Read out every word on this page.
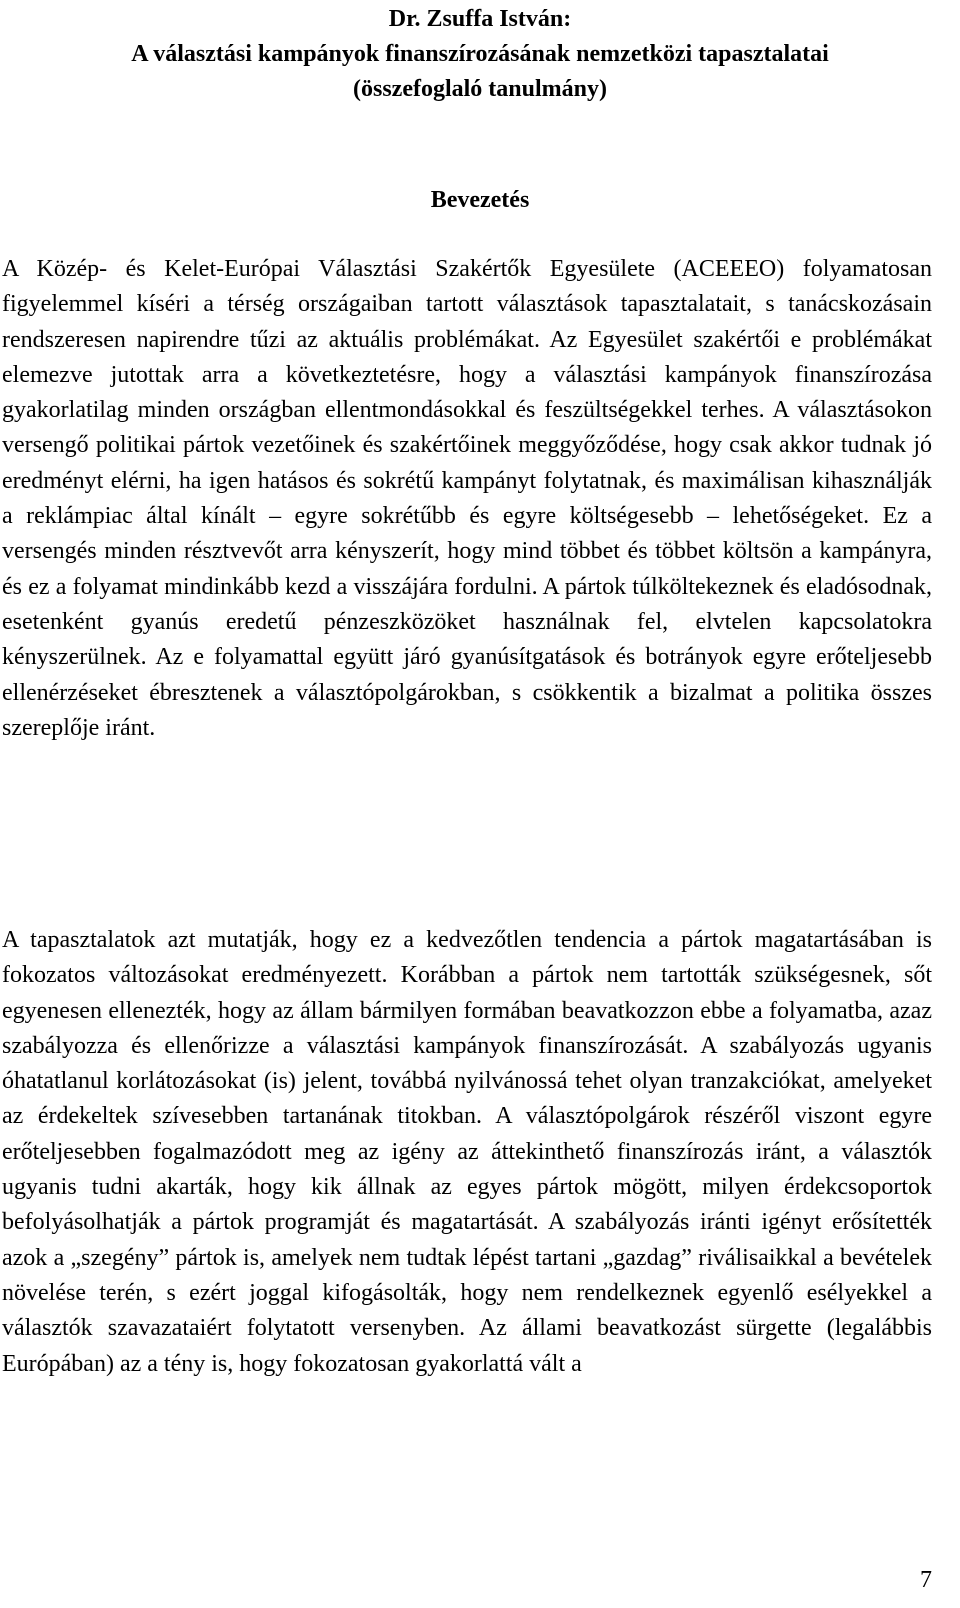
Dr. Zsuffa István:
A választási kampányok finanszírozásának nemzetközi tapasztalatai
(összefoglaló tanulmány)
Bevezetés

A Közép- és Kelet-Európai Választási Szakértők Egyesülete (ACEEEO) folyamatosan figyelemmel kíséri a térség országaiban tartott választások tapasztalatait, s tanácskozásain rendszeresen napirendre tűzi az aktuális problémákat. Az Egyesület szakértői e problémákat elemezve jutottak arra a következtetésre, hogy a választási kampányok finanszírozása gyakorlatilag minden országban ellentmondásokkal és feszültségekkel terhes. A választásokon versengő politikai pártok vezetőinek és szakértőinek meggyőződése, hogy csak akkor tudnak jó eredményt elérni, ha igen hatásos és sokrétű kampányt folytatnak, és maximálisan kihasználják a reklámpiac által kínált – egyre sokrétűbb és egyre költségesebb – lehetőségeket. Ez a versengés minden résztvevőt arra kényszerít, hogy mind többet és többet költsön a kampányra, és ez a folyamat mindinkább kezd a visszájára fordulni. A pártok túlköltekeznek és eladósodnak, esetenként gyanús eredetű pénzeszközöket használnak fel, elvtelen kapcsolatokra kényszerülnek. Az e folyamattal együtt járó gyanúsítgatások és botrányok egyre erőteljesebb ellenérzéseket ébresztenek a választópolgárokban, s csökkentik a bizalmat a politika összes szereplője iránt.

A tapasztalatok azt mutatják, hogy ez a kedvezőtlen tendencia a pártok magatartásában is fokozatos változásokat eredményezett. Korábban a pártok nem tartották szükségesnek, sőt egyenesen ellenezték, hogy az állam bármilyen formában beavatkozzon ebbe a folyamatba, azaz szabályozza és ellenőrizze a választási kampányok finanszírozását. A szabályozás ugyanis óhatatlanul korlátozásokat (is) jelent, továbbá nyilvánossá tehet olyan tranzakciókat, amelyeket az érdekeltek szívesebben tartanának titokban. A választópolgárok részéről viszont egyre erőteljesebben fogalmazódott meg az igény az áttekinthető finanszírozás iránt, a választók ugyanis tudni akarták, hogy kik állnak az egyes pártok mögött, milyen érdekcsoportok befolyásolhatják a pártok programját és magatartását. A szabályozás iránti igényt erősítették azok a „szegény” pártok is, amelyek nem tudtak lépést tartani „gazdag” riválisaikkal a bevételek növelése terén, s ezért joggal kifogásolták, hogy nem rendelkeznek egyenlő esélyekkel a választók szavazataiért folytatott versenyben. Az állami beavatkozást sürgette (legalábbis Európában) az a tény is, hogy fokozatosan gyakorlattá vált a

7
